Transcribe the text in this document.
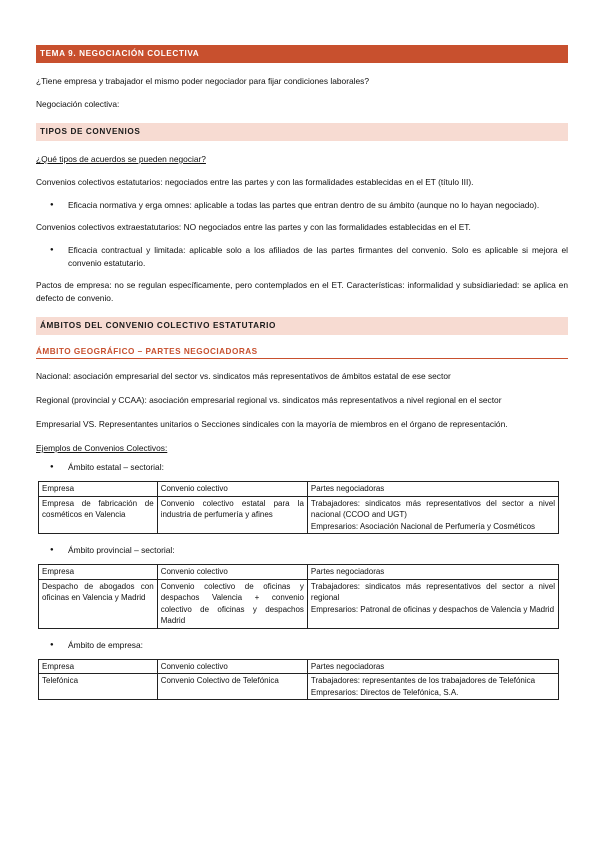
TEMA 9. NEGOCIACIÓN COLECTIVA

¿Tiene empresa y trabajador el mismo poder negociador para fijar condiciones laborales?

Negociación colectiva:

TIPOS DE CONVENIOS

¿Qué tipos de acuerdos se pueden negociar?

Convenios colectivos estatutarios: negociados entre las partes y con las formalidades establecidas en el ET (título III).

● Eficacia normativa y erga omnes: aplicable a todas las partes que entran dentro de su ámbito (aunque no lo hayan negociado).

Convenios colectivos extraestatutarios: NO negociados entre las partes y con las formalidades establecidas en el ET.

● Eficacia contractual y limitada: aplicable solo a los afiliados de las partes firmantes del convenio. Solo es aplicable si mejora el convenio estatutario.

Pactos de empresa: no se regulan específicamente, pero contemplados en el ET. Características: informalidad y subsidiariedad: se aplica en defecto de convenio.

ÁMBITOS DEL CONVENIO COLECTIVO ESTATUTARIO
ÁMBITO GEOGRÁFICO – PARTES NEGOCIADORAS

Nacional: asociación empresarial del sector vs. sindicatos más representativos de ámbitos estatal de ese sector

Regional (provincial y CCAA): asociación empresarial regional vs. sindicatos más representativos a nivel regional en el sector

Empresarial VS. Representantes unitarios o Secciones sindicales con la mayoría de miembros en el órgano de representación.

Ejemplos de Convenios Colectivos:

● Ámbito estatal – sectorial:
Empresa	Convenio colectivo	Partes negociadoras
Empresa de fabricación de cosméticos en Valencia	Convenio colectivo estatal para la industria de perfumería y afines	Trabajadores: sindicatos más representativos del sector a nivel nacional (CCOO and UGT)
Empresarios: Asociación Nacional de Perfumería y Cosméticos
● Ámbito provincial – sectorial:
Empresa	Convenio colectivo	Partes negociadoras
Despacho de abogados con oficinas en Valencia y Madrid	Convenio colectivo de oficinas y despachos Valencia + convenio colectivo de oficinas y despachos Madrid	Trabajadores: sindicatos más representativos del sector a nivel regional
Empresarios: Patronal de oficinas y despachos de Valencia y Madrid
● Ámbito de empresa:
Empresa	Convenio colectivo	Partes negociadoras
Telefónica	Convenio Colectivo de Telefónica	Trabajadores: representantes de los trabajadores de Telefónica
Empresarios: Directos de Telefónica, S.A.
